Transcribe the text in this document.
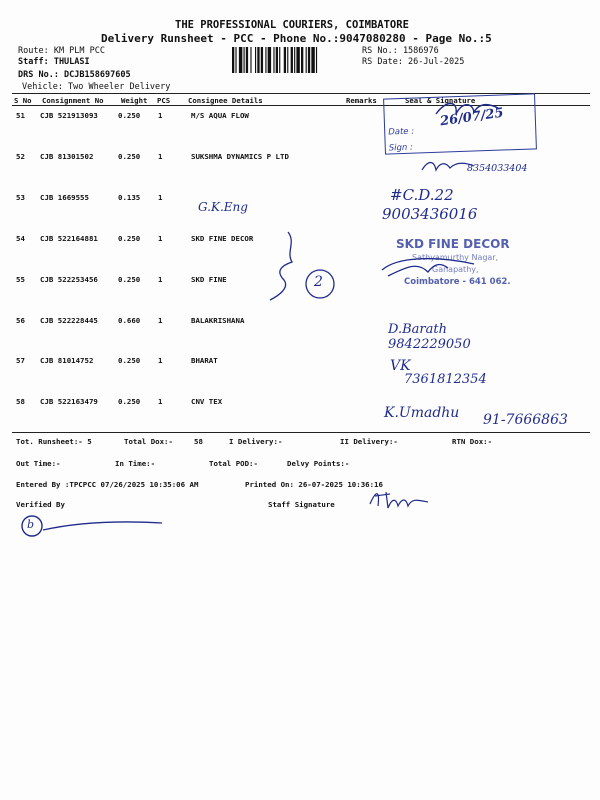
THE PROFESSIONAL COURIERS, COIMBATORE
Delivery Runsheet - PCC - Phone No.:9047080280 - Page No.:5
Route: KM PLM PCC
Staff: THULASI
DRS No.: DCJB158697605
Vehicle: Two Wheeler Delivery
RS No.: 1586976
RS Date: 26-Jul-2025
S No Consignment No Weight PCS Consignee Details	Remarks	Seal & Signature
51 CJB 521913093	0.250 1	M/S AQUA FLOW
52 CJB 81301502	0.250 1	SUKSHMA DYNAMICS P LTD
53 CJB 1669555	0.135 1
54 CJB 522164881	0.250 1	SKD FINE DECOR
55 CJB 522253456	0.250 1	SKD FINE
56 CJB 522228445	0.660 1	BALAKRISHANA
57 CJB 81014752	0.250 1	BHARAT
58 CJB 522163479	0.250 1	CNV TEX
Tot. Runsheet:- 5	Total Dox:-	58	I Delivery:-	II Delivery:-	RTN Dox:-
Out Time:-	In Time:-	Total POD:-	Delvy Points:-
Entered By :TPCPCC 07/26/2025 10:35:06 AM	Printed On: 26-07-2025 10:36:16
Verified By	Staff Signature
b
Date :
Sign :
26/07/25
8354033404
G.K.Eng
#C.D.22
9003436016
SKD FINE DECOR
Sathyamurthy Nagar,
Ganapathy,
Coimbatore - 641 062.
2
D.Barath
9842229050
VK
7361812354
K.Umadhu 91-7666863
